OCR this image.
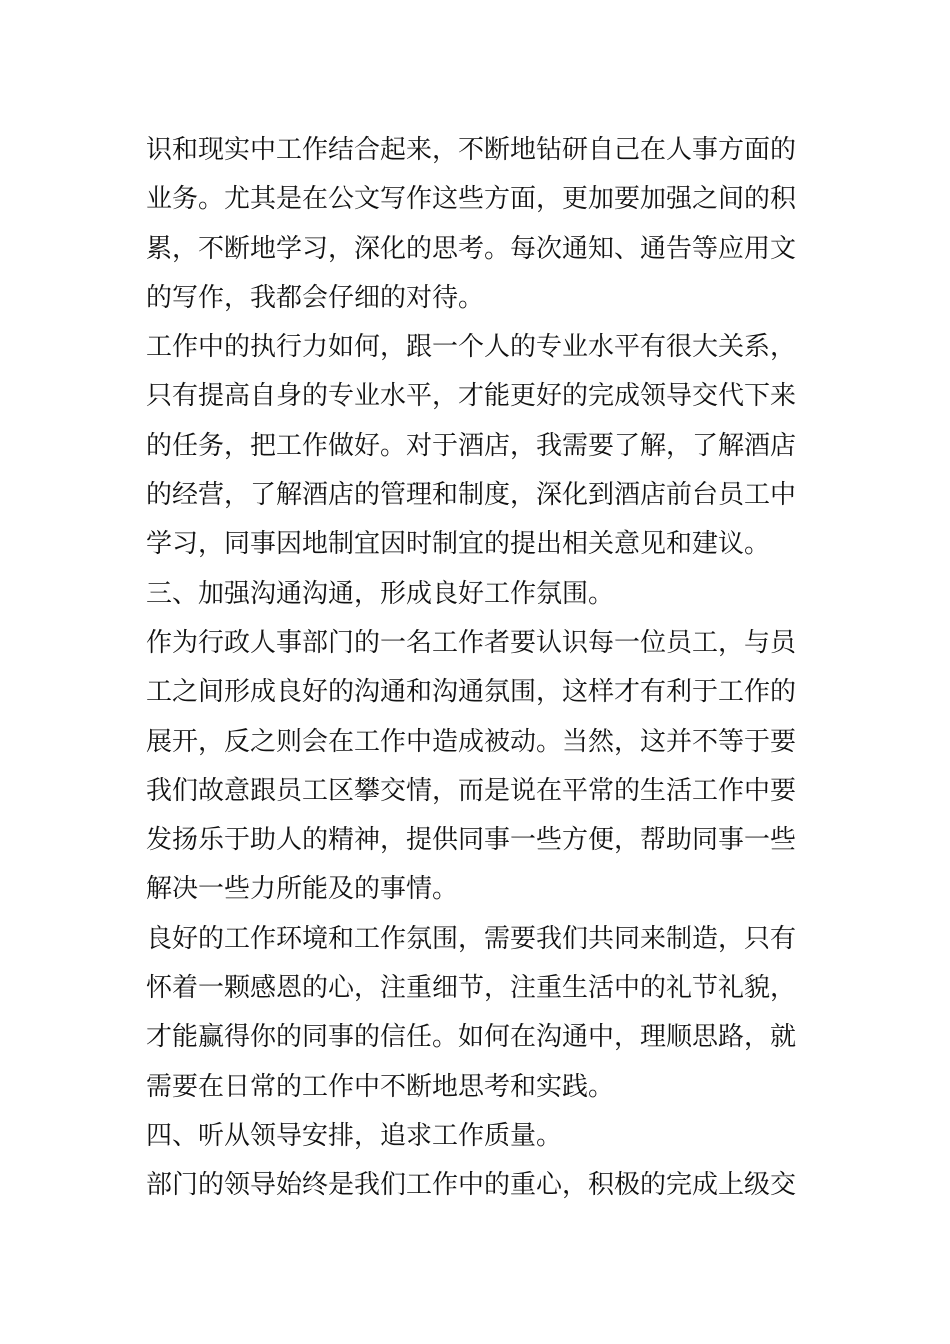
识和现实中工作结合起来，不断地钻研自己在人事方面的
业务。尤其是在公文写作这些方面，更加要加强之间的积
累，不断地学习，深化的思考。每次通知、通告等应用文
的写作，我都会仔细的对待。
工作中的执行力如何，跟一个人的专业水平有很大关系，
只有提高自身的专业水平，才能更好的完成领导交代下来
的任务，把工作做好。对于酒店，我需要了解，了解酒店
的经营，了解酒店的管理和制度，深化到酒店前台员工中
学习，同事因地制宜因时制宜的提出相关意见和建议。
三、加强沟通沟通，形成良好工作氛围。
作为行政人事部门的一名工作者要认识每一位员工，与员
工之间形成良好的沟通和沟通氛围，这样才有利于工作的
展开，反之则会在工作中造成被动。当然，这并不等于要
我们故意跟员工区攀交情，而是说在平常的生活工作中要
发扬乐于助人的精神，提供同事一些方便，帮助同事一些
解决一些力所能及的事情。
良好的工作环境和工作氛围，需要我们共同来制造，只有
怀着一颗感恩的心，注重细节，注重生活中的礼节礼貌，
才能赢得你的同事的信任。如何在沟通中，理顺思路，就
需要在日常的工作中不断地思考和实践。
四、听从领导安排，追求工作质量。
部门的领导始终是我们工作中的重心，积极的完成上级交
